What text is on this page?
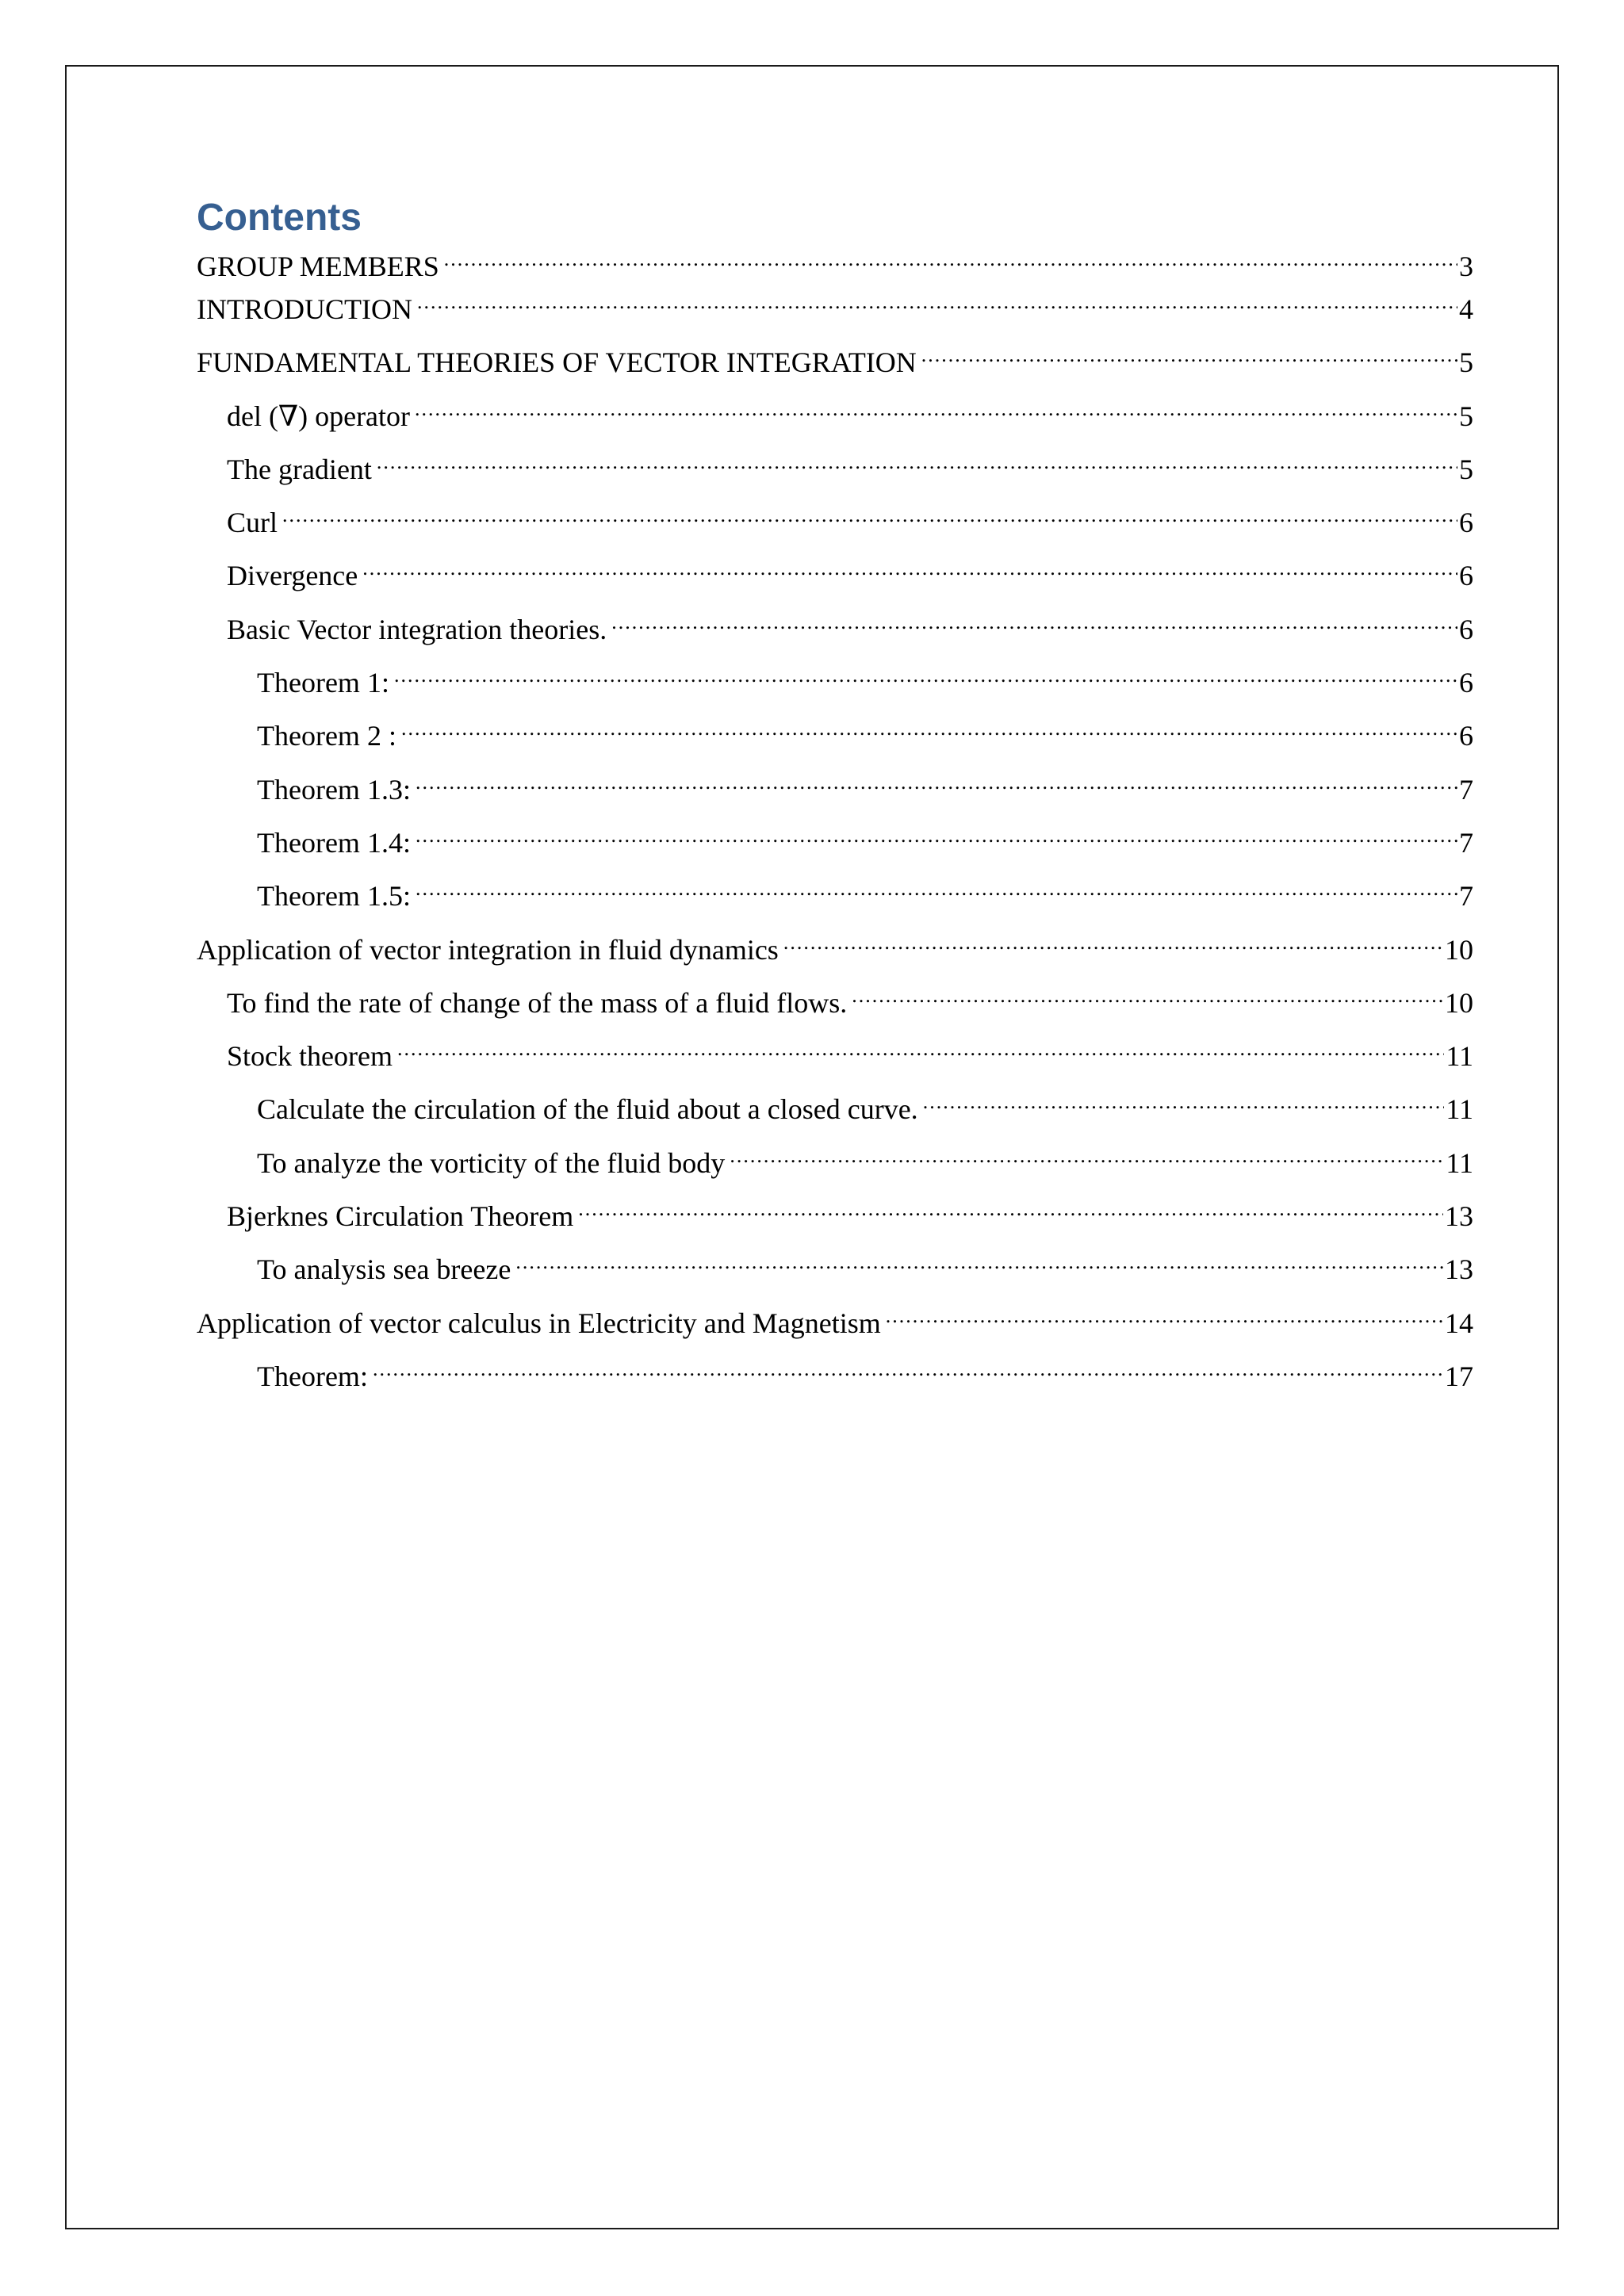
Contents
GROUP MEMBERS .....	3
INTRODUCTION .....	4
FUNDAMENTAL THEORIES OF VECTOR INTEGRATION .....	5
del (∇) operator .....	5
The gradient .....	5
Curl .....	6
Divergence .....	6
Basic Vector integration theories. .....	6
Theorem 1: .....	6
Theorem 2 : .....	6
Theorem 1.3: .....	7
Theorem 1.4: .....	7
Theorem 1.5: .....	7
Application of vector integration in fluid dynamics .....	10
To find the rate of change of the mass of a fluid flows. .....	10
Stock theorem .....	11
Calculate the circulation of the fluid about a closed curve. .....	11
To analyze the vorticity of the fluid body .....	11
Bjerknes Circulation Theorem .....	13
To analysis sea breeze .....	13
Application of vector calculus in Electricity and Magnetism .....	14
Theorem: .....	17
